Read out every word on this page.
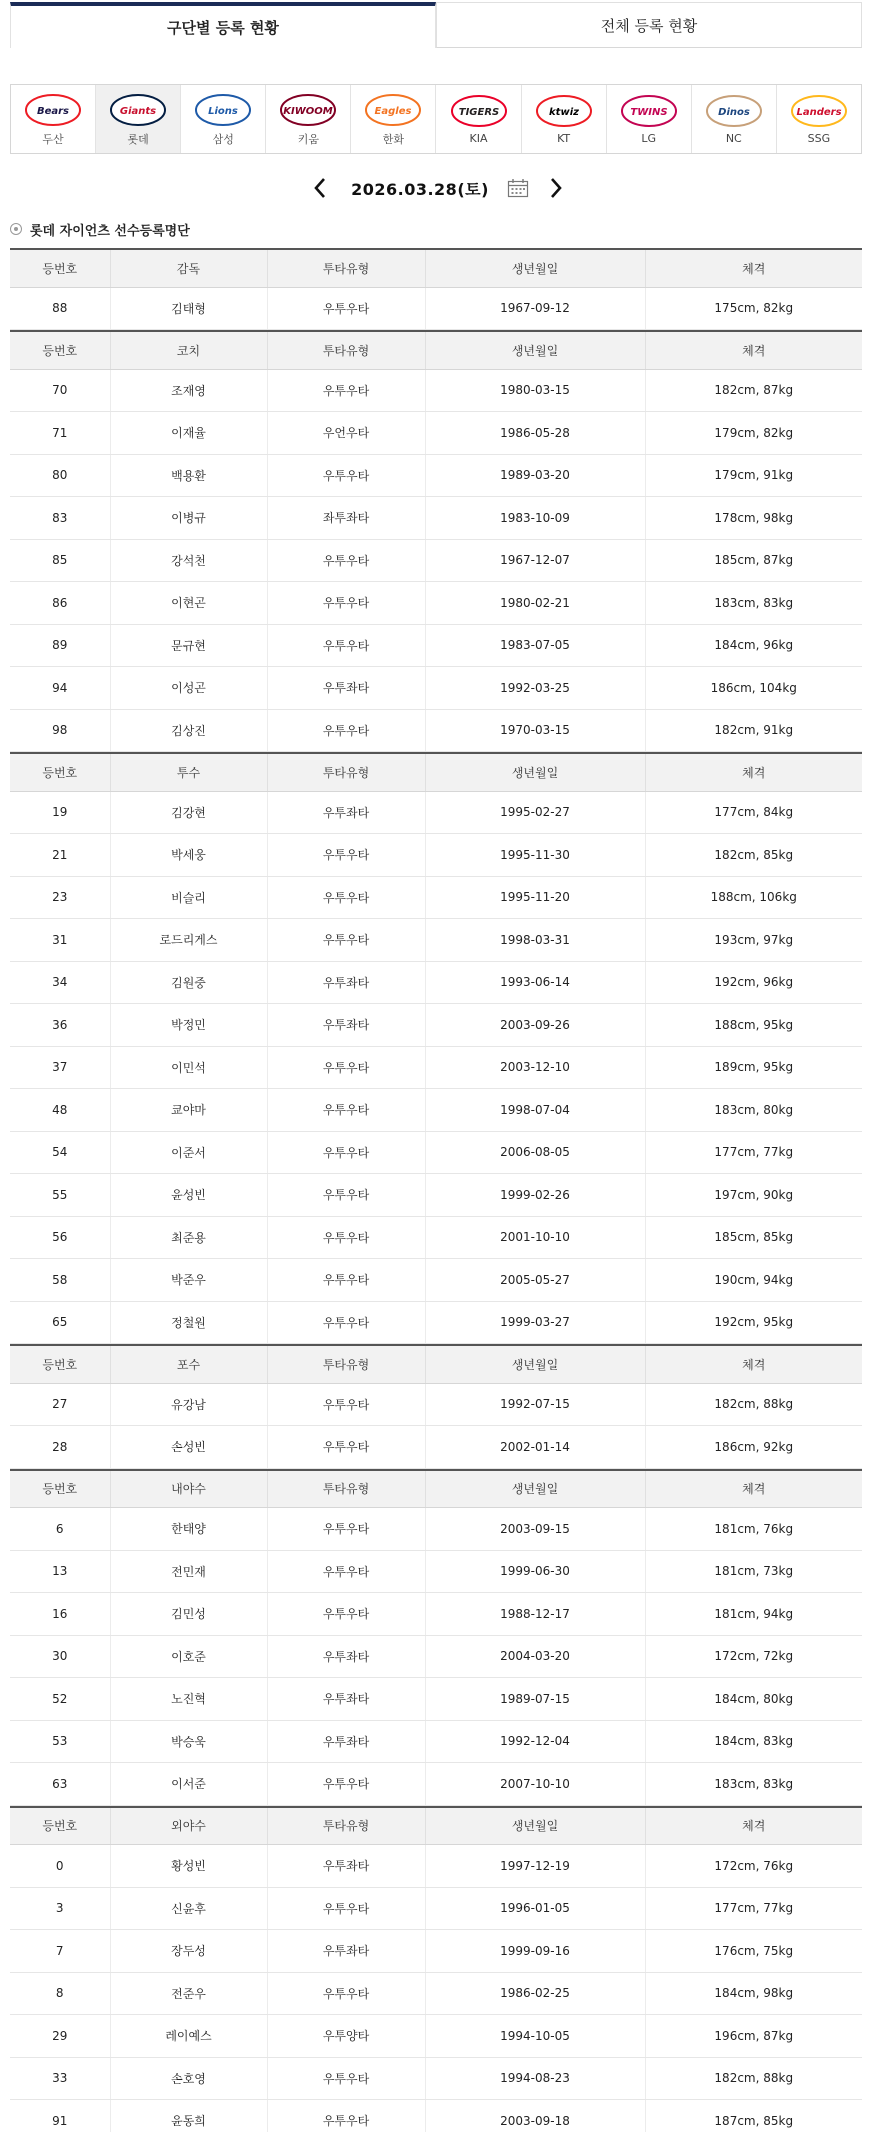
구단별 등록 현황	전체 등록 현황
Bears
두산
Giants
롯데
Lions
삼성
KIWOOM
키움
Eagles
한화
TIGERS
KIA
ktwiz
KT
TWINS
LG
Dinos
NC
Landers
SSG
2026.03.28(토)
롯데 자이언츠 선수등록명단
등번호	감독	투타유형	생년월일	체격
88	김태형	우투우타	1967-09-12	175cm, 82kg
등번호	코치	투타유형	생년월일	체격
70	조재영	우투우타	1980-03-15	182cm, 87kg
71	이재율	우언우타	1986-05-28	179cm, 82kg
80	백용환	우투우타	1989-03-20	179cm, 91kg
83	이병규	좌투좌타	1983-10-09	178cm, 98kg
85	강석천	우투우타	1967-12-07	185cm, 87kg
86	이현곤	우투우타	1980-02-21	183cm, 83kg
89	문규현	우투우타	1983-07-05	184cm, 96kg
94	이성곤	우투좌타	1992-03-25	186cm, 104kg
98	김상진	우투우타	1970-03-15	182cm, 91kg
등번호	투수	투타유형	생년월일	체격
19	김강현	우투좌타	1995-02-27	177cm, 84kg
21	박세웅	우투우타	1995-11-30	182cm, 85kg
23	비슬리	우투우타	1995-11-20	188cm, 106kg
31	로드리게스	우투우타	1998-03-31	193cm, 97kg
34	김원중	우투좌타	1993-06-14	192cm, 96kg
36	박정민	우투좌타	2003-09-26	188cm, 95kg
37	이민석	우투우타	2003-12-10	189cm, 95kg
48	쿄야마	우투우타	1998-07-04	183cm, 80kg
54	이준서	우투우타	2006-08-05	177cm, 77kg
55	윤성빈	우투우타	1999-02-26	197cm, 90kg
56	최준용	우투우타	2001-10-10	185cm, 85kg
58	박준우	우투우타	2005-05-27	190cm, 94kg
65	정철원	우투우타	1999-03-27	192cm, 95kg
등번호	포수	투타유형	생년월일	체격
27	유강남	우투우타	1992-07-15	182cm, 88kg
28	손성빈	우투우타	2002-01-14	186cm, 92kg
등번호	내야수	투타유형	생년월일	체격
6	한태양	우투우타	2003-09-15	181cm, 76kg
13	전민재	우투우타	1999-06-30	181cm, 73kg
16	김민성	우투우타	1988-12-17	181cm, 94kg
30	이호준	우투좌타	2004-03-20	172cm, 72kg
52	노진혁	우투좌타	1989-07-15	184cm, 80kg
53	박승욱	우투좌타	1992-12-04	184cm, 83kg
63	이서준	우투우타	2007-10-10	183cm, 83kg
등번호	외야수	투타유형	생년월일	체격
0	황성빈	우투좌타	1997-12-19	172cm, 76kg
3	신윤후	우투우타	1996-01-05	177cm, 77kg
7	장두성	우투좌타	1999-09-16	176cm, 75kg
8	전준우	우투우타	1986-02-25	184cm, 98kg
29	레이예스	우투양타	1994-10-05	196cm, 87kg
33	손호영	우투우타	1994-08-23	182cm, 88kg
91	윤동희	우투우타	2003-09-18	187cm, 85kg
